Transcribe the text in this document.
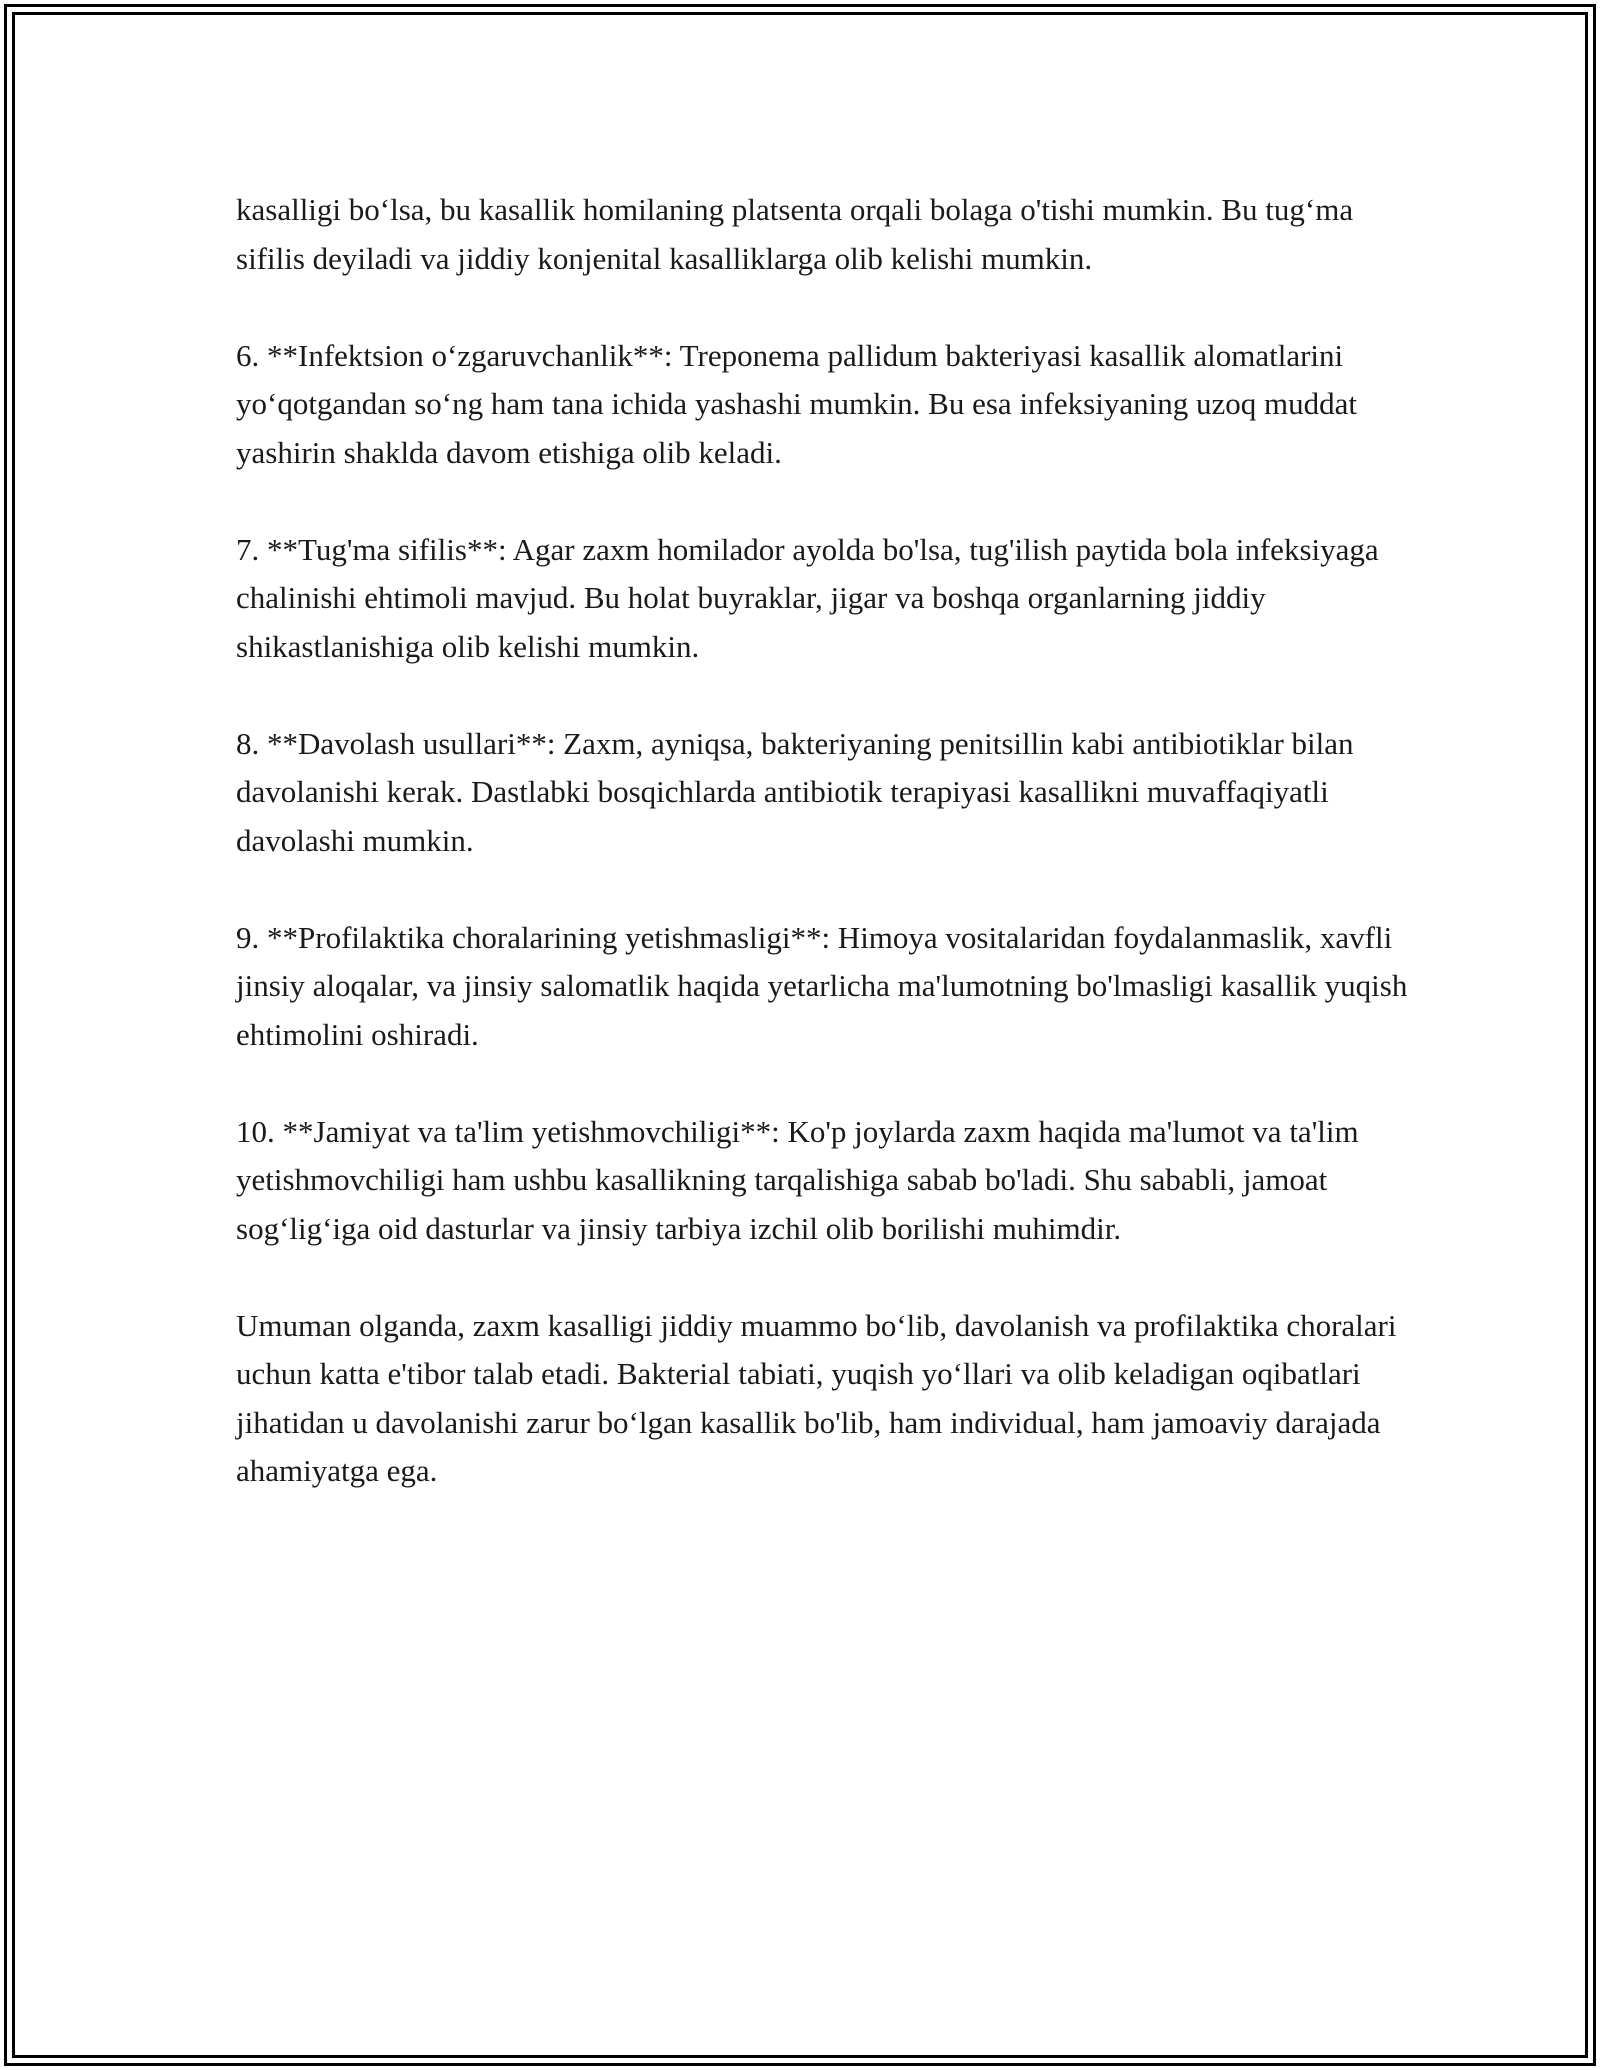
kasalligi bo‘lsa, bu kasallik homilaning platsenta orqali bolaga o'tishi mumkin. Bu tug‘ma sifilis deyiladi va jiddiy konjenital kasalliklarga olib kelishi mumkin.

6. **Infektsion o‘zgaruvchanlik**: Treponema pallidum bakteriyasi kasallik alomatlarini yo‘qotgandan so‘ng ham tana ichida yashashi mumkin. Bu esa infeksiyaning uzoq muddat yashirin shaklda davom etishiga olib keladi.

7. **Tug'ma sifilis**: Agar zaxm homilador ayolda bo'lsa, tug'ilish paytida bola infeksiyaga chalinishi ehtimoli mavjud. Bu holat buyraklar, jigar va boshqa organlarning jiddiy shikastlanishiga olib kelishi mumkin.

8. **Davolash usullari**: Zaxm, ayniqsa, bakteriyaning penitsillin kabi antibiotiklar bilan davolanishi kerak. Dastlabki bosqichlarda antibiotik terapiyasi kasallikni muvaffaqiyatli davolashi mumkin.

9. **Profilaktika choralarining yetishmasligi**: Himoya vositalaridan foydalanmaslik, xavfli jinsiy aloqalar, va jinsiy salomatlik haqida yetarlicha ma'lumotning bo'lmasligi kasallik yuqish ehtimolini oshiradi.

10. **Jamiyat va ta'lim yetishmovchiligi**: Ko'p joylarda zaxm haqida ma'lumot va ta'lim yetishmovchiligi ham ushbu kasallikning tarqalishiga sabab bo'ladi. Shu sababli, jamoat sog‘lig‘iga oid dasturlar va jinsiy tarbiya izchil olib borilishi muhimdir.

Umuman olganda, zaxm kasalligi jiddiy muammo bo‘lib, davolanish va profilaktika choralari uchun katta e'tibor talab etadi. Bakterial tabiati, yuqish yo‘llari va olib keladigan oqibatlari jihatidan u davolanishi zarur bo‘lgan kasallik bo'lib, ham individual, ham jamoaviy darajada ahamiyatga ega.
